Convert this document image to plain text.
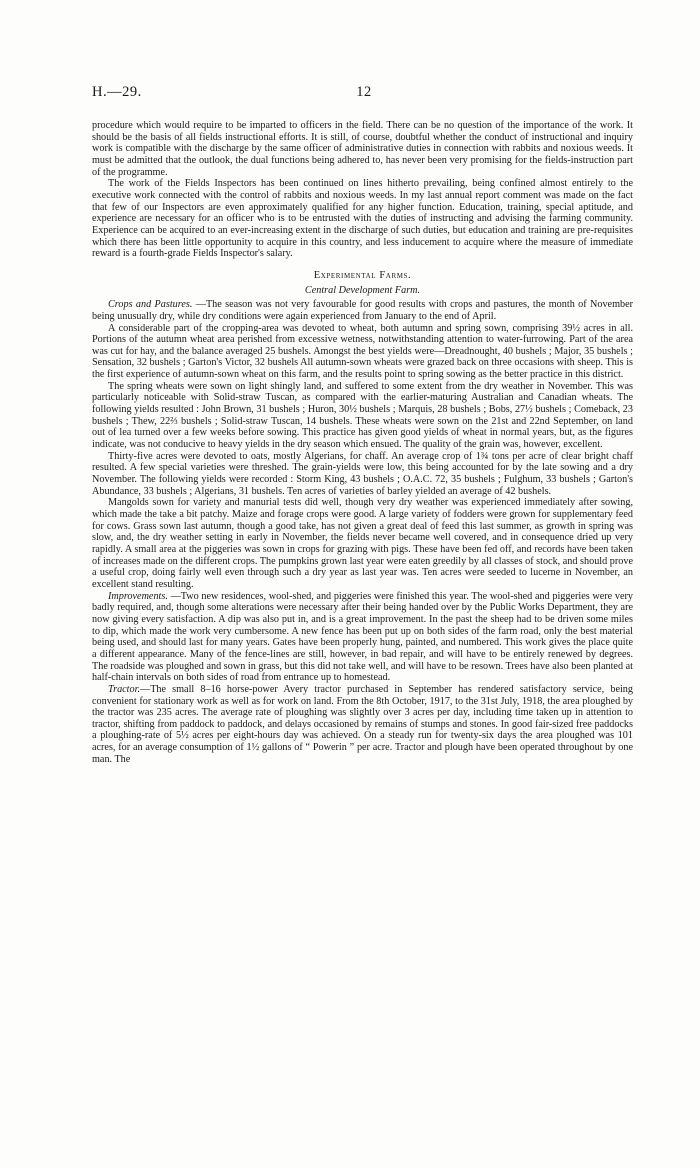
H.—29.	12

procedure which would require to be imparted to officers in the field. There can be no question of the importance of the work. It should be the basis of all fields instructional efforts. It is still, of course, doubtful whether the conduct of instructional and inquiry work is compatible with the discharge by the same officer of administrative duties in connection with rabbits and noxious weeds. It must be admitted that the outlook, the dual functions being adhered to, has never been very promising for the fields-instruction part of the programme.

The work of the Fields Inspectors has been continued on lines hitherto prevailing, being confined almost entirely to the executive work connected with the control of rabbits and noxious weeds. In my last annual report comment was made on the fact that few of our Inspectors are even approximately qualified for any higher function. Education, training, special aptitude, and experience are necessary for an officer who is to be entrusted with the duties of instructing and advising the farming community. Experience can be acquired to an ever-increasing extent in the discharge of such duties, but education and training are pre-requisites which there has been little opportunity to acquire in this country, and less inducement to acquire where the measure of immediate reward is a fourth-grade Fields Inspector's salary.

Experimental Farms.
Central Development Farm.

Crops and Pastures. —The season was not very favourable for good results with crops and pastures, the month of November being unusually dry, while dry conditions were again experienced from January to the end of April.

A considerable part of the cropping-area was devoted to wheat, both autumn and spring sown, comprising 39½ acres in all. Portions of the autumn wheat area perished from excessive wetness, notwithstanding attention to water-furrowing. Part of the area was cut for hay, and the balance averaged 25 bushels. Amongst the best yields were—Dreadnought, 40 bushels ; Major, 35 bushels ; Sensation, 32 bushels ; Garton's Victor, 32 bushels All autumn-sown wheats were grazed back on three occasions with sheep. This is the first experience of autumn-sown wheat on this farm, and the results point to spring sowing as the better practice in this district.

The spring wheats were sown on light shingly land, and suffered to some extent from the dry weather in November. This was particularly noticeable with Solid-straw Tuscan, as compared with the earlier-maturing Australian and Canadian wheats. The following yields resulted : John Brown, 31 bushels ; Huron, 30½ bushels ; Marquis, 28 bushels ; Bobs, 27½ bushels ; Comeback, 23 bushels ; Thew, 22⅔ bushels ; Solid-straw Tuscan, 14 bushels. These wheats were sown on the 21st and 22nd September, on land out of lea turned over a few weeks before sowing. This practice has given good yields of wheat in normal years, but, as the figures indicate, was not conducive to heavy yields in the dry season which ensued. The quality of the grain was, however, excellent.

Thirty-five acres were devoted to oats, mostly Algerians, for chaff. An average crop of 1¾ tons per acre of clear bright chaff resulted. A few special varieties were threshed. The grain-yields were low, this being accounted for by the late sowing and a dry November. The following yields were recorded : Storm King, 43 bushels ; O.A.C. 72, 35 bushels ; Fulghum, 33 bushels ; Garton's Abundance, 33 bushels ; Algerians, 31 bushels. Ten acres of varieties of barley yielded an average of 42 bushels.

Mangolds sown for variety and manurial tests did well, though very dry weather was experienced immediately after sowing, which made the take a bit patchy. Maize and forage crops were good. A large variety of fodders were grown for supplementary feed for cows. Grass sown last autumn, though a good take, has not given a great deal of feed this last summer, as growth in spring was slow, and, the dry weather setting in early in November, the fields never became well covered, and in consequence dried up very rapidly. A small area at the piggeries was sown in crops for grazing with pigs. These have been fed off, and records have been taken of increases made on the different crops. The pumpkins grown last year were eaten greedily by all classes of stock, and should prove a useful crop, doing fairly well even through such a dry year as last year was. Ten acres were seeded to lucerne in November, an excellent stand resulting.

Improvements. —Two new residences, wool-shed, and piggeries were finished this year. The wool-shed and piggeries were very badly required, and, though some alterations were necessary after their being handed over by the Public Works Department, they are now giving every satisfaction. A dip was also put in, and is a great improvement. In the past the sheep had to be driven some miles to dip, which made the work very cumbersome. A new fence has been put up on both sides of the farm road, only the best material being used, and should last for many years. Gates have been properly hung, painted, and numbered. This work gives the place quite a different appearance. Many of the fence-lines are still, however, in bad repair, and will have to be entirely renewed by degrees. The roadside was ploughed and sown in grass, but this did not take well, and will have to be resown. Trees have also been planted at half-chain intervals on both sides of road from entrance up to homestead.

Tractor.—The small 8–16 horse-power Avery tractor purchased in September has rendered satisfactory service, being convenient for stationary work as well as for work on land. From the 8th October, 1917, to the 31st July, 1918, the area ploughed by the tractor was 235 acres. The average rate of ploughing was slightly over 3 acres per day, including time taken up in attention to tractor, shifting from paddock to paddock, and delays occasioned by remains of stumps and stones. In good fair-sized free paddocks a ploughing-rate of 5½ acres per eight-hours day was achieved. On a steady run for twenty-six days the area ploughed was 101 acres, for an average consumption of 1½ gallons of “ Powerin ” per acre. Tractor and plough have been operated throughout by one man. The
